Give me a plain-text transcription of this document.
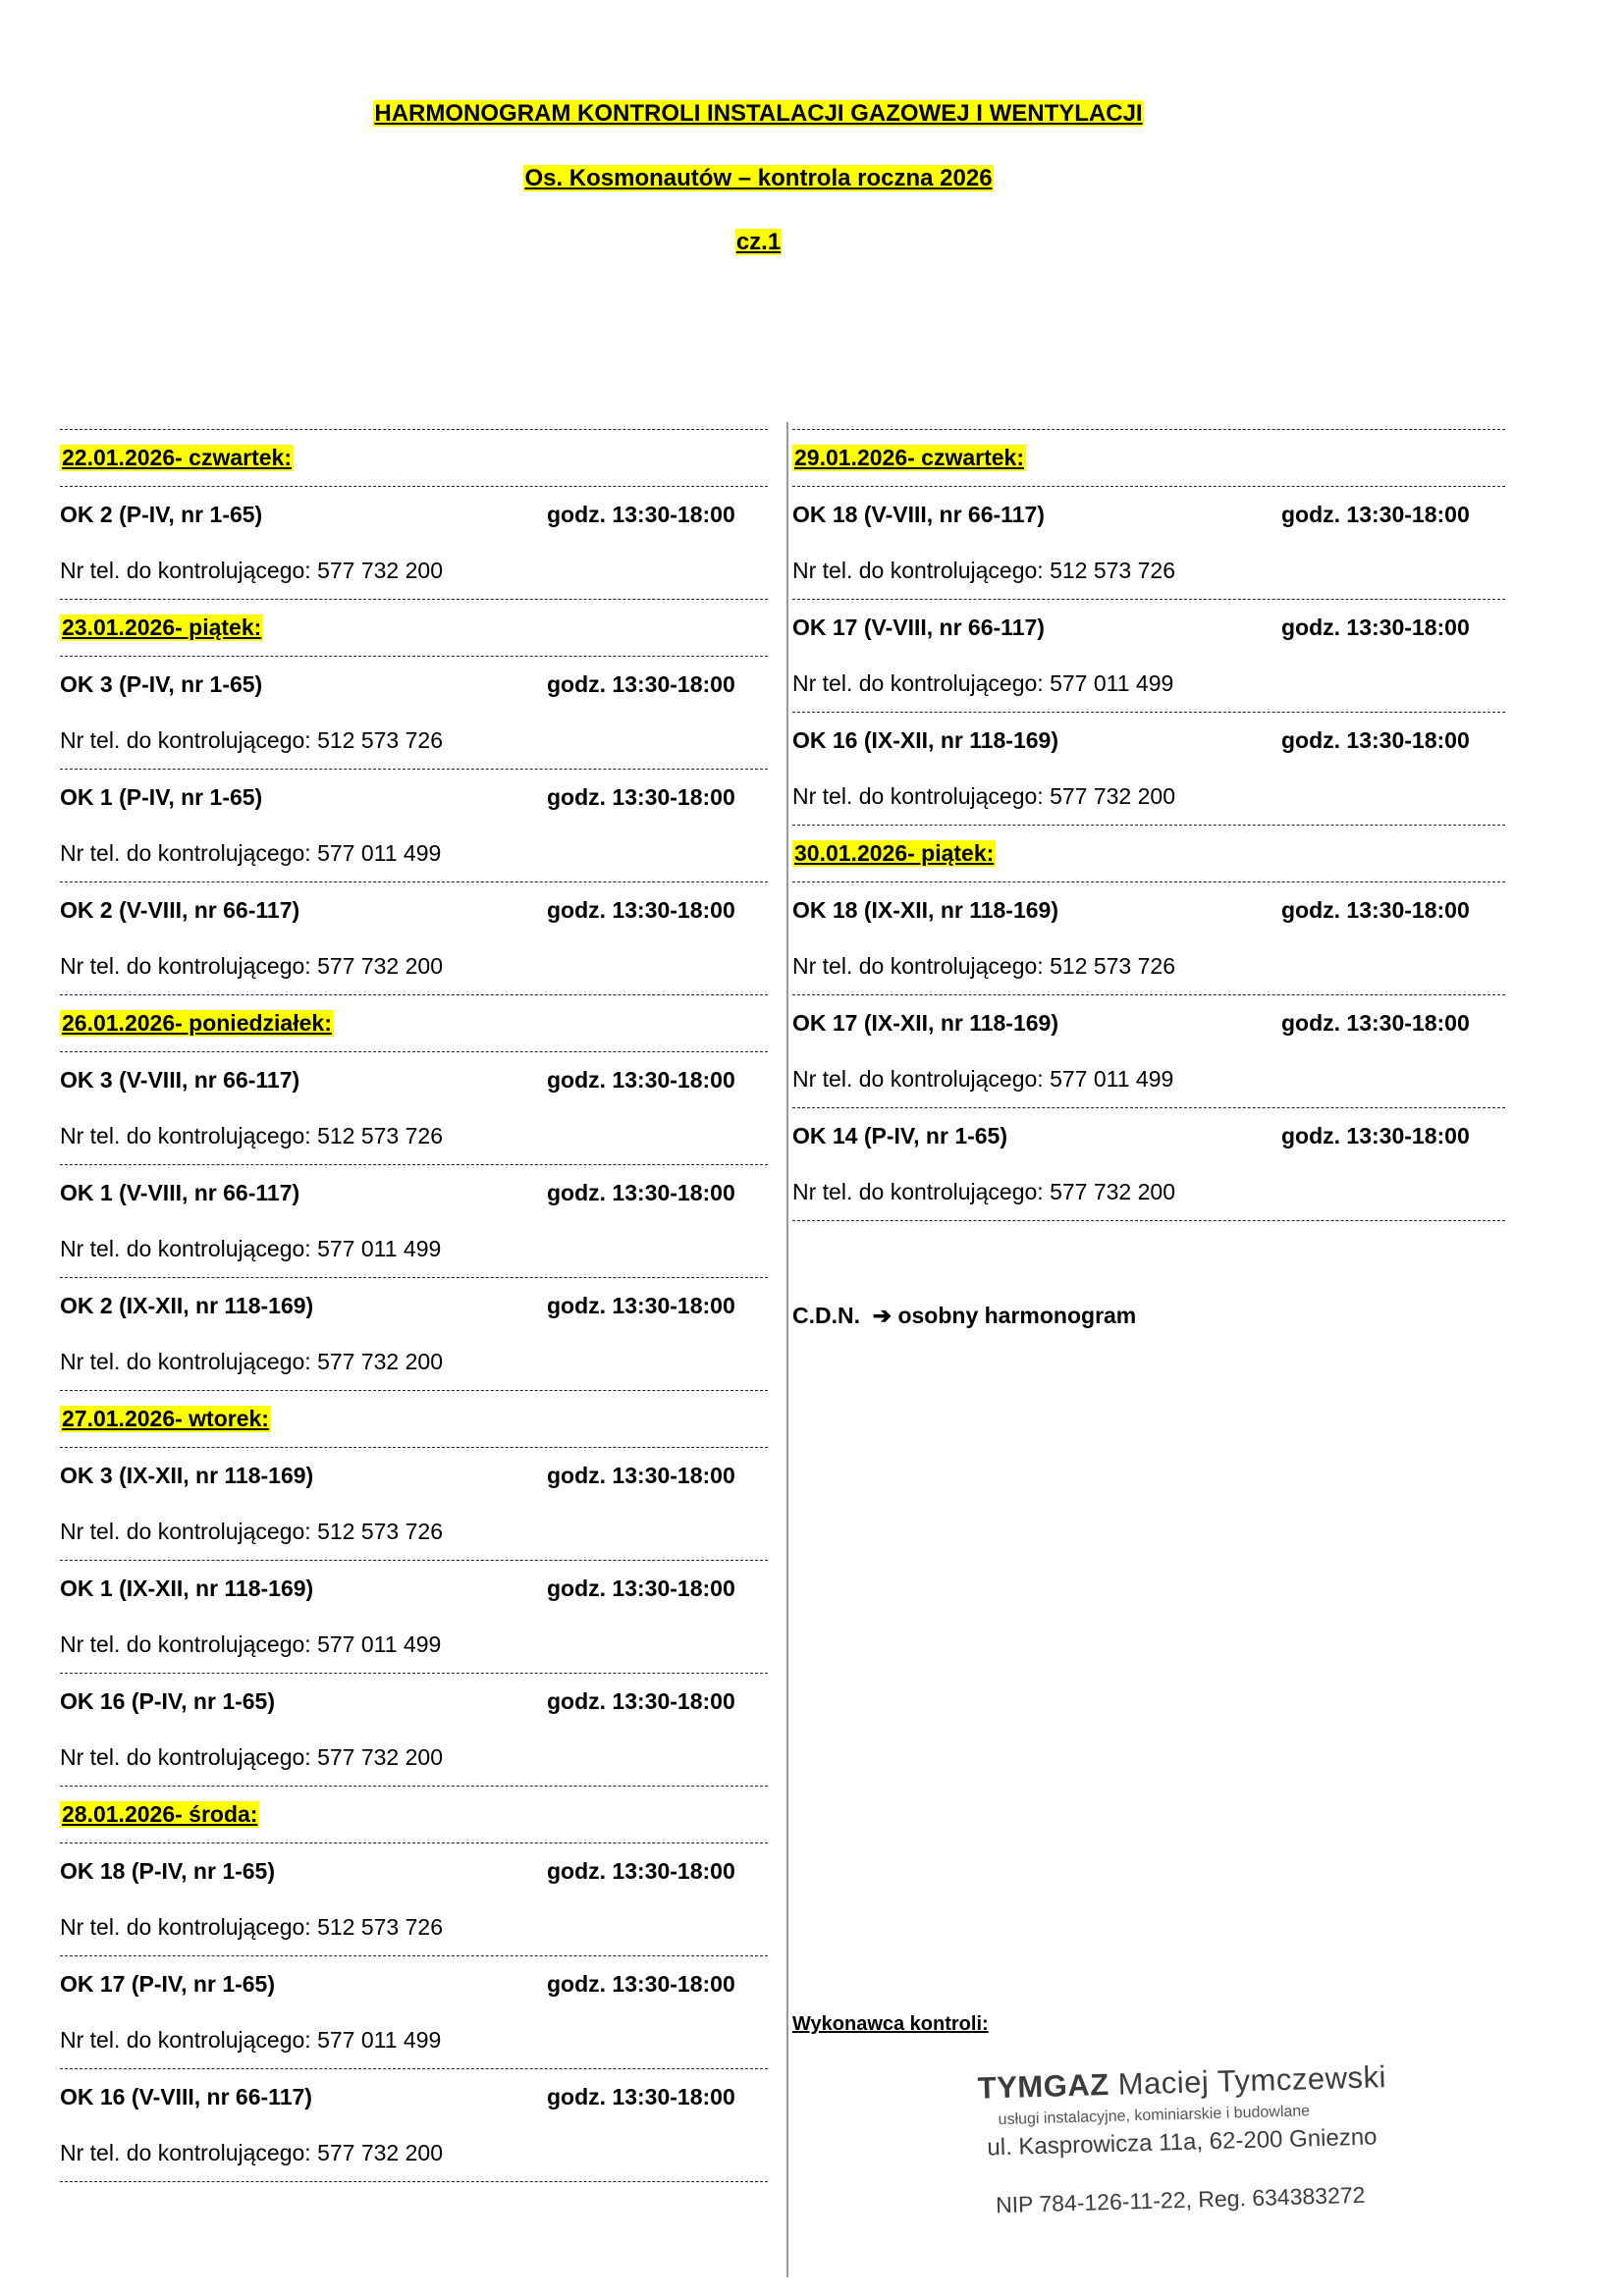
HARMONOGRAM KONTROLI INSTALACJI GAZOWEJ I WENTYLACJI
Os. Kosmonautów – kontrola roczna 2026
cz.1
22.01.2026- czwartek:
OK 2 (P-IV, nr 1-65)	godz. 13:30-18:00
Nr tel. do kontrolującego: 577 732 200
23.01.2026- piątek:
OK 3 (P-IV, nr 1-65)	godz. 13:30-18:00
Nr tel. do kontrolującego: 512 573 726
OK 1 (P-IV, nr 1-65)	godz. 13:30-18:00
Nr tel. do kontrolującego: 577 011 499
OK 2 (V-VIII, nr 66-117)	godz. 13:30-18:00
Nr tel. do kontrolującego: 577 732 200
26.01.2026- poniedziałek:
OK 3 (V-VIII, nr 66-117)	godz. 13:30-18:00
Nr tel. do kontrolującego: 512 573 726
OK 1 (V-VIII, nr 66-117)	godz. 13:30-18:00
Nr tel. do kontrolującego: 577 011 499
OK 2 (IX-XII, nr 118-169)	godz. 13:30-18:00
Nr tel. do kontrolującego: 577 732 200
27.01.2026- wtorek:
OK 3 (IX-XII, nr 118-169)	godz. 13:30-18:00
Nr tel. do kontrolującego: 512 573 726
OK 1 (IX-XII, nr 118-169)	godz. 13:30-18:00
Nr tel. do kontrolującego: 577 011 499
OK 16 (P-IV, nr 1-65)	godz. 13:30-18:00
Nr tel. do kontrolującego: 577 732 200
28.01.2026- środa:
OK 18 (P-IV, nr 1-65)	godz. 13:30-18:00
Nr tel. do kontrolującego: 512 573 726
OK 17 (P-IV, nr 1-65)	godz. 13:30-18:00
Nr tel. do kontrolującego: 577 011 499
OK 16 (V-VIII, nr 66-117)	godz. 13:30-18:00
Nr tel. do kontrolującego: 577 732 200
29.01.2026- czwartek:
OK 18 (V-VIII, nr 66-117)	godz. 13:30-18:00
Nr tel. do kontrolującego: 512 573 726
OK 17 (V-VIII, nr 66-117)	godz. 13:30-18:00
Nr tel. do kontrolującego: 577 011 499
OK 16 (IX-XII, nr 118-169)	godz. 13:30-18:00
Nr tel. do kontrolującego: 577 732 200
30.01.2026- piątek:
OK 18 (IX-XII, nr 118-169)	godz. 13:30-18:00
Nr tel. do kontrolującego: 512 573 726
OK 17 (IX-XII, nr 118-169)	godz. 13:30-18:00
Nr tel. do kontrolującego: 577 011 499
OK 14 (P-IV, nr 1-65)	godz. 13:30-18:00
Nr tel. do kontrolującego: 577 732 200
C.D.N. ➔ osobny harmonogram
Wykonawca kontroli:
TYMGAZ Maciej Tymczewski
usługi instalacyjne, kominiarskie i budowlane
ul. Kasprowicza 11a, 62-200 Gniezno
NIP 784-126-11-22, Reg. 634383272
